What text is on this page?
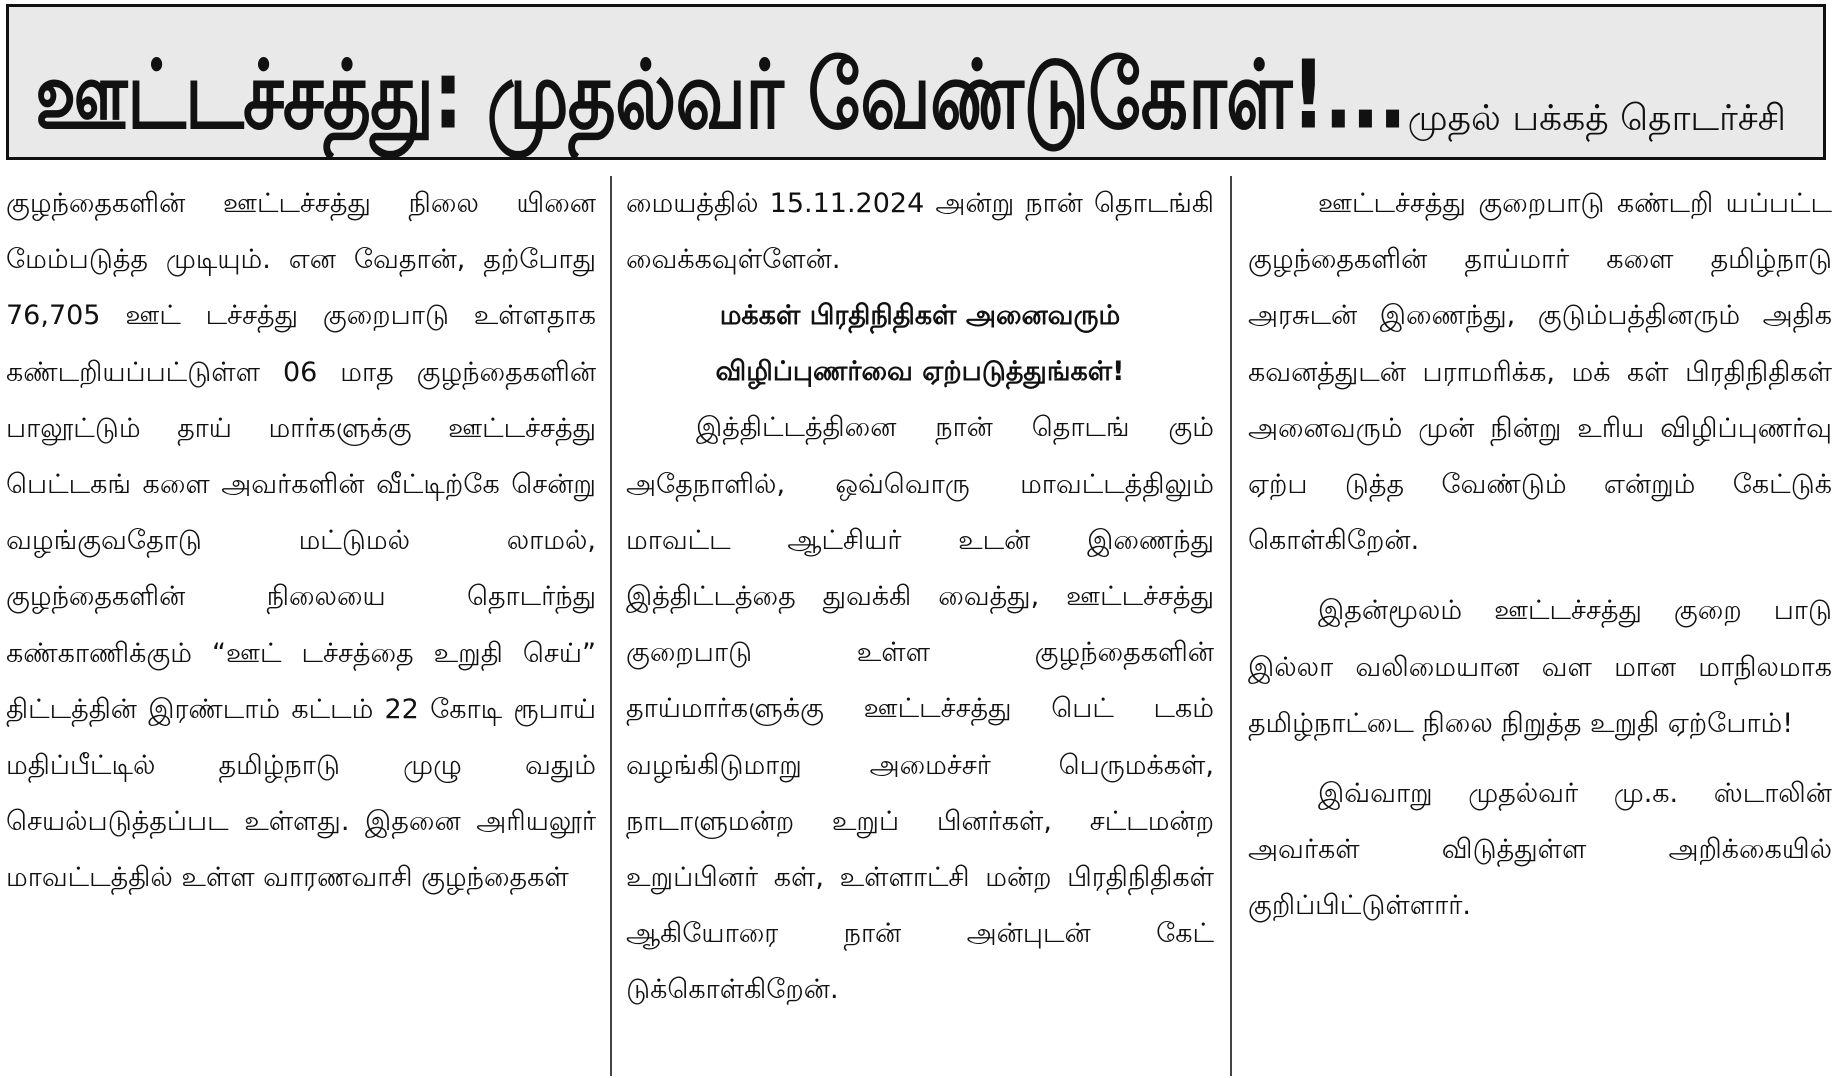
ஊட்டச்சத்து: முதல்வர் வேண்டுகோள்!... முதல் பக்கத் தொடர்ச்சி

குழந்தைகளின் ஊட்டச்சத்து நிலை யினை மேம்படுத்த முடியும். என வேதான், தற்போது 76,705 ஊட் டச்சத்து குறைபாடு உள்ளதாக கண்டறியப்பட்டுள்ள 06 மாத குழந்தைகளின் பாலூட்டும் தாய் மார்களுக்கு ஊட்டச்சத்து பெட்டகங் களை அவர்களின் வீட்டிற்கே சென்று வழங்குவதோடு மட்டுமல் லாமல், குழந்தைகளின் நிலையை தொடர்ந்து கண்காணிக்கும் “ஊட் டச்சத்தை உறுதி செய்” திட்டத்தின் இரண்டாம் கட்டம் 22 கோடி ரூபாய் மதிப்பீட்டில் தமிழ்நாடு முழு வதும் செயல்படுத்தப்பட உள்ளது. இதனை அரியலூர் மாவட்டத்தில் உள்ள வாரணவாசி குழந்தைகள்

மையத்தில் 15.11.2024 அன்று நான் தொடங்கி வைக்கவுள்ளேன்.

மக்கள் பிரதிநிதிகள் அனைவரும் விழிப்புணர்வை ஏற்படுத்துங்கள்!

இத்திட்டத்தினை நான் தொடங் கும் அதேநாளில், ஒவ்வொரு மாவட்டத்திலும் மாவட்ட ஆட்சியர் உடன் இணைந்து இத்திட்டத்தை துவக்கி வைத்து, ஊட்டச்சத்து குறைபாடு உள்ள குழந்தைகளின் தாய்மார்களுக்கு ஊட்டச்சத்து பெட் டகம் வழங்கிடுமாறு அமைச்சர் பெருமக்கள், நாடாளுமன்ற உறுப் பினர்கள், சட்டமன்ற உறுப்பினர் கள், உள்ளாட்சி மன்ற பிரதிநிதிகள் ஆகியோரை நான் அன்புடன் கேட் டுக்கொள்கிறேன்.

ஊட்டச்சத்து குறைபாடு கண்டறி யப்பட்ட குழந்தைகளின் தாய்மார் களை தமிழ்நாடு அரசுடன் இணைந்து, குடும்பத்தினரும் அதிக கவனத்துடன் பராமரிக்க, மக் கள் பிரதிநிதிகள் அனைவரும் முன் நின்று உரிய விழிப்புணர்வு ஏற்ப டுத்த வேண்டும் என்றும் கேட்டுக் கொள்கிறேன்.

இதன்மூலம் ஊட்டச்சத்து குறை பாடு இல்லா வலிமையான வள மான மாநிலமாக தமிழ்நாட்டை நிலை நிறுத்த உறுதி ஏற்போம்!

இவ்வாறு முதல்வர் மு.க. ஸ்டாலின் அவர்கள் விடுத்துள்ள அறிக்கையில் குறிப்பிட்டுள்ளார்.
